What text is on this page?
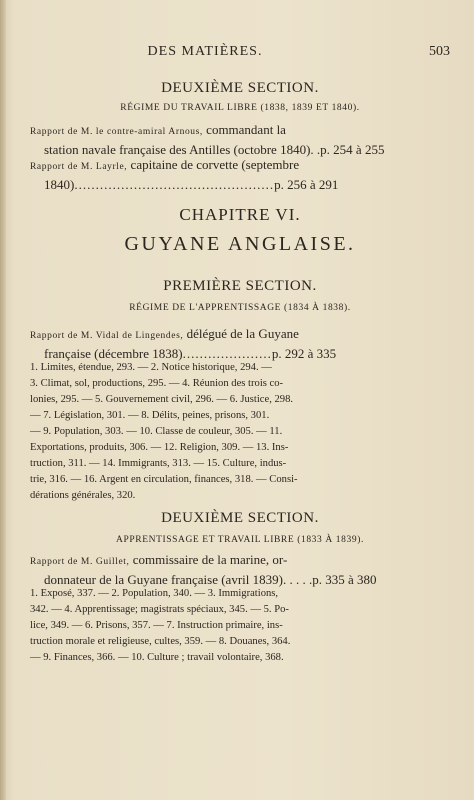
DES MATIÈRES.	503

DEUXIÈME SECTION.

RÉGIME DU TRAVAIL LIBRE (1838, 1839 ET 1840).

Rapport de M. le contre-amiral Arnous, commandant la
station navale française des Antilles (octobre 1840). .p. 254 à 255

Rapport de M. Layrle, capitaine de corvette (septembre
1840)...............................................p. 256 à 291

CHAPITRE VI.

GUYANE ANGLAISE.

PREMIÈRE SECTION.

RÉGIME DE L'APPRENTISSAGE (1834 À 1838).

Rapport de M. Vidal de Lingendes, délégué de la Guyane
française (décembre 1838).....................p. 292 à 335

1. Limites, étendue, 293. — 2. Notice historique, 294. —

3. Climat, sol, productions, 295. — 4. Réunion des trois co-

lonies, 295. — 5. Gouvernement civil, 296. — 6. Justice, 298.

— 7. Législation, 301. — 8. Délits, peines, prisons, 301.

— 9. Population, 303. — 10. Classe de couleur, 305. — 11.

Exportations, produits, 306. — 12. Religion, 309. — 13. Ins-

truction, 311. — 14. Immigrants, 313. — 15. Culture, indus-

trie, 316. — 16. Argent en circulation, finances, 318. — Consi-

dérations générales, 320.

DEUXIÈME SECTION.

APPRENTISSAGE ET TRAVAIL LIBRE (1833 À 1839).

Rapport de M. Guillet, commissaire de la marine, or-
donnateur de la Guyane française (avril 1839). . . . .p. 335 à 380

1. Exposé, 337. — 2. Population, 340. — 3. Immigrations,

342. — 4. Apprentissage; magistrats spéciaux, 345. — 5. Po-

lice, 349. — 6. Prisons, 357. — 7. Instruction primaire, ins-

truction morale et religieuse, cultes, 359. — 8. Douanes, 364.

— 9. Finances, 366. — 10. Culture ; travail volontaire, 368.
